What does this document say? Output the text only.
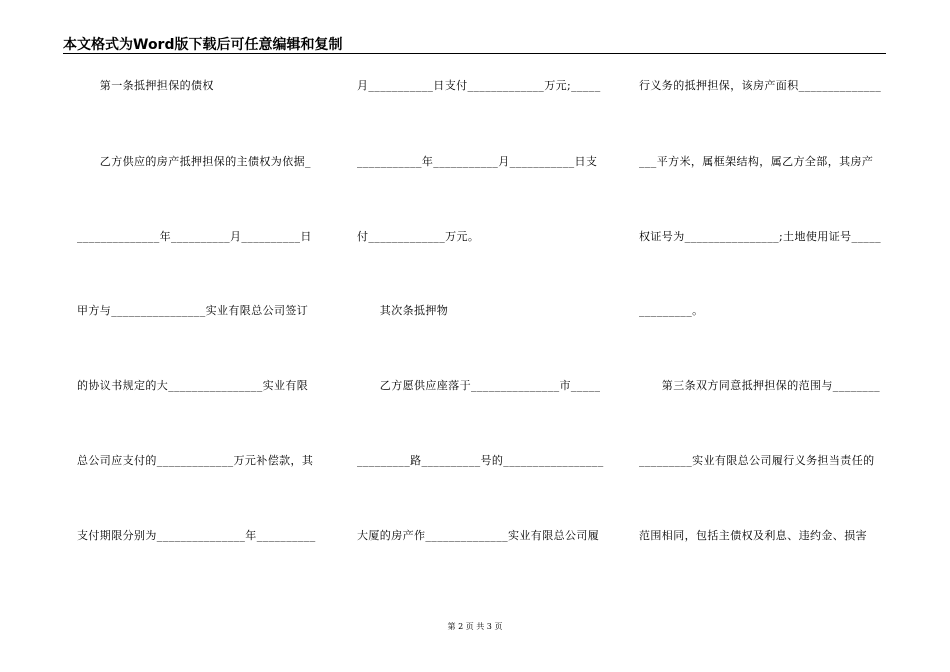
本文格式为Word版下载后可任意编辑和复制
　　第一条抵押担保的债权
　　乙方供应的房产抵押担保的主债权为依据_
______________年__________月__________日
甲方与________________实业有限总公司签订
的协议书规定的大________________实业有限
总公司应支付的_____________万元补偿款，其
支付期限分别为_______________年__________
月___________日支付_____________万元;_____
___________年___________月___________日支
付_____________万元。
　　其次条抵押物
　　乙方愿供应座落于_______________市_____
_________路__________号的_________________
大厦的房产作______________实业有限总公司履
行义务的抵押担保，该房产面积______________
___平方米，属框架结构，属乙方全部，其房产
权证号为________________;土地使用证号_____
_________。
　　第三条双方同意抵押担保的范围与________
_________实业有限总公司履行义务担当责任的
范围相同，包括主债权及利息、违约金、损害
第 2 页 共 3 页
